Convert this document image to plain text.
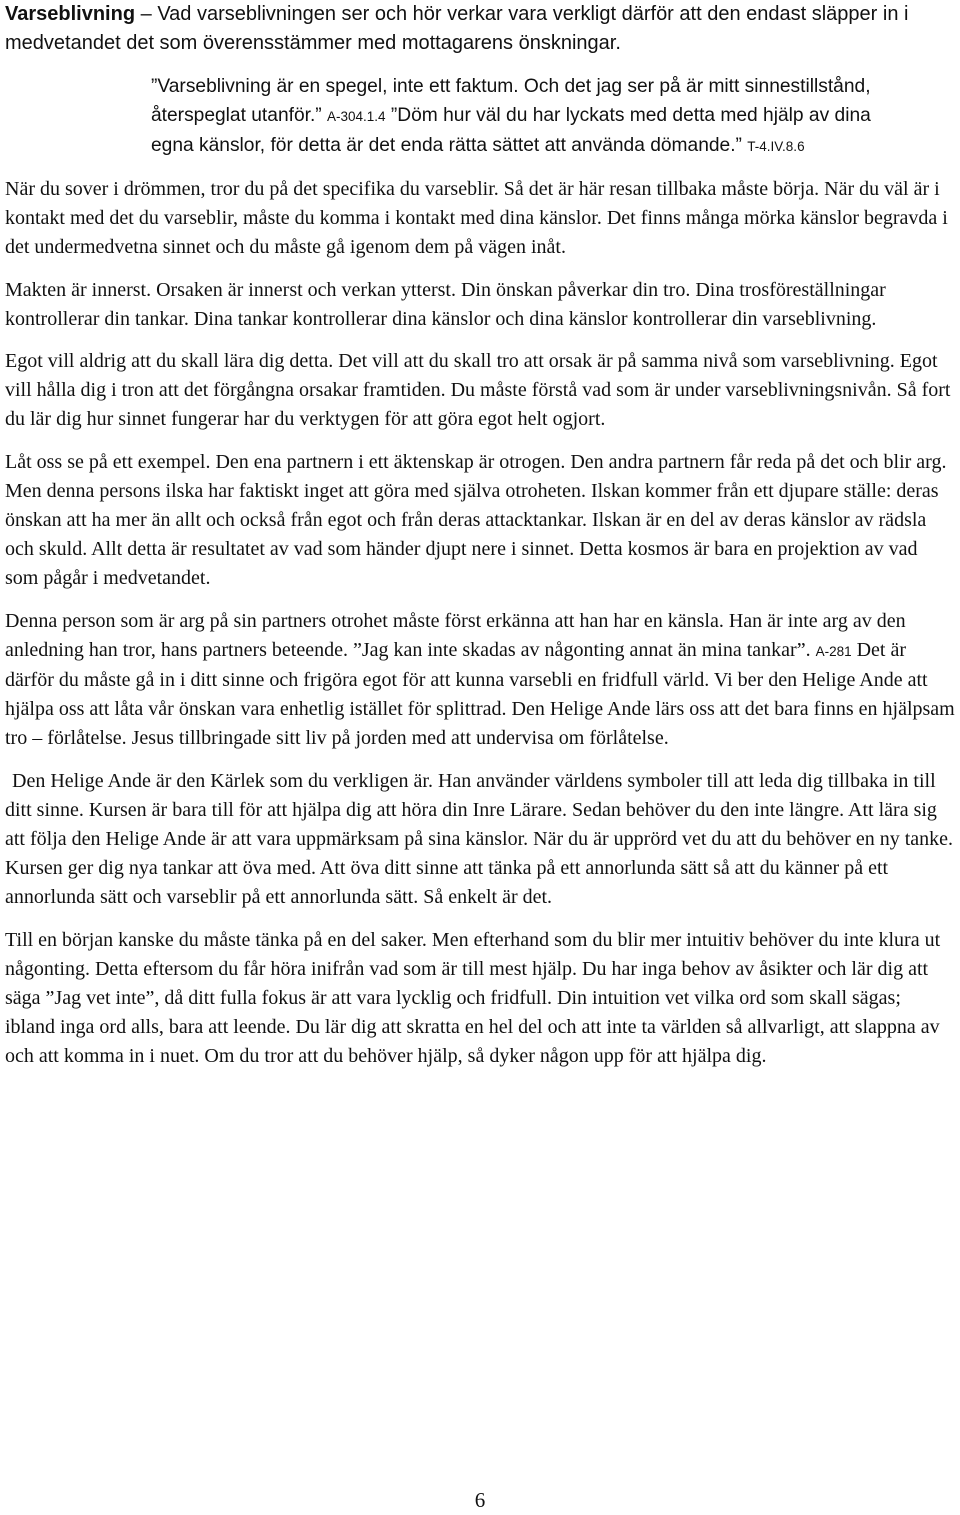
Varseblivning – Vad varseblivningen ser och hör verkar vara verkligt därför att den endast släpper in i medvetandet det som överensstämmer med mottagarens önskningar.

”Varseblivning är en spegel, inte ett faktum. Och det jag ser på är mitt sinnestillstånd, återspeglat utanför.” A-304.1.4 ”Döm hur väl du har lyckats med detta med hjälp av dina egna känslor, för detta är det enda rätta sättet att använda dömande.” T-4.IV.8.6

När du sover i drömmen, tror du på det specifika du varseblir. Så det är här resan tillbaka måste börja. När du väl är i kontakt med det du varseblir, måste du komma i kontakt med dina känslor. Det finns många mörka känslor begravda i det undermedvetna sinnet och du måste gå igenom dem på vägen inåt.

Makten är innerst. Orsaken är innerst och verkan ytterst. Din önskan påverkar din tro. Dina trosföreställningar kontrollerar din tankar. Dina tankar kontrollerar dina känslor och dina känslor kontrollerar din varseblivning.

Egot vill aldrig att du skall lära dig detta. Det vill att du skall tro att orsak är på samma nivå som varseblivning. Egot vill hålla dig i tron att det förgångna orsakar framtiden. Du måste förstå vad som är under varseblivningsnivån. Så fort du lär dig hur sinnet fungerar har du verktygen för att göra egot helt ogjort.

Låt oss se på ett exempel. Den ena partnern i ett äktenskap är otrogen. Den andra partnern får reda på det och blir arg. Men denna persons ilska har faktiskt inget att göra med själva otroheten. Ilskan kommer från ett djupare ställe: deras önskan att ha mer än allt och också från egot och från deras attacktankar. Ilskan är en del av deras känslor av rädsla och skuld. Allt detta är resultatet av vad som händer djupt nere i sinnet. Detta kosmos är bara en projektion av vad som pågår i medvetandet.

Denna person som är arg på sin partners otrohet måste först erkänna att han har en känsla. Han är inte arg av den anledning han tror, hans partners beteende. ”Jag kan inte skadas av någonting annat än mina tankar”. A-281 Det är därför du måste gå in i ditt sinne och frigöra egot för att kunna varsebli en fridfull värld. Vi ber den Helige Ande att hjälpa oss att låta vår önskan vara enhetlig istället för splittrad. Den Helige Ande lärs oss att det bara finns en hjälpsam tro – förlåtelse. Jesus tillbringade sitt liv på jorden med att undervisa om förlåtelse.

Den Helige Ande är den Kärlek som du verkligen är. Han använder världens symboler till att leda dig tillbaka in till ditt sinne. Kursen är bara till för att hjälpa dig att höra din Inre Lärare. Sedan behöver du den inte längre. Att lära sig att följa den Helige Ande är att vara uppmärksam på sina känslor. När du är upprörd vet du att du behöver en ny tanke. Kursen ger dig nya tankar att öva med. Att öva ditt sinne att tänka på ett annorlunda sätt så att du känner på ett annorlunda sätt och varseblir på ett annorlunda sätt. Så enkelt är det.

Till en början kanske du måste tänka på en del saker. Men efterhand som du blir mer intuitiv behöver du inte klura ut någonting. Detta eftersom du får höra inifrån vad som är till mest hjälp. Du har inga behov av åsikter och lär dig att säga ”Jag vet inte”, då ditt fulla fokus är att vara lycklig och fridfull. Din intuition vet vilka ord som skall sägas; ibland inga ord alls, bara att leende. Du lär dig att skratta en hel del och att inte ta världen så allvarligt, att slappna av och att komma in i nuet. Om du tror att du behöver hjälp, så dyker någon upp för att hjälpa dig.

6
